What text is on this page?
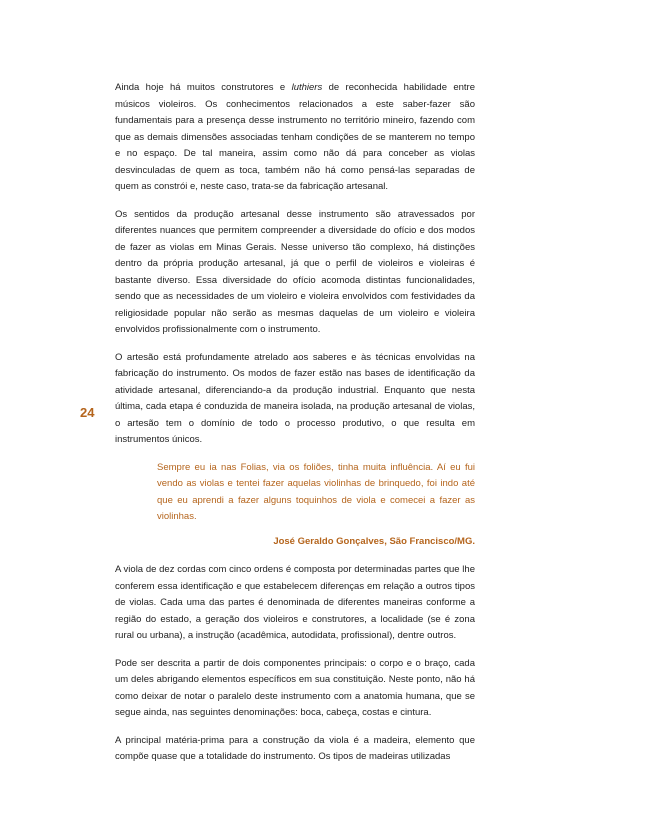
24

Ainda hoje há muitos construtores e luthiers de reconhecida habilidade entre músicos violeiros. Os conhecimentos relacionados a este saber-fazer são fundamentais para a presença desse instrumento no território mineiro, fazendo com que as demais dimensões associadas tenham condições de se manterem no tempo e no espaço. De tal maneira, assim como não dá para conceber as violas desvinculadas de quem as toca, também não há como pensá-las separadas de quem as constrói e, neste caso, trata-se da fabricação artesanal.

Os sentidos da produção artesanal desse instrumento são atravessados por diferentes nuances que permitem compreender a diversidade do ofício e dos modos de fazer as violas em Minas Gerais. Nesse universo tão complexo, há distinções dentro da própria produção artesanal, já que o perfil de violeiros e violeiras é bastante diverso. Essa diversidade do ofício acomoda distintas funcionalidades, sendo que as necessidades de um violeiro e violeira envolvidos com festividades da religiosidade popular não serão as mesmas daquelas de um violeiro e violeira envolvidos profissionalmente com o instrumento.

O artesão está profundamente atrelado aos saberes e às técnicas envolvidas na fabricação do instrumento. Os modos de fazer estão nas bases de identificação da atividade artesanal, diferenciando-a da produção industrial. Enquanto que nesta última, cada etapa é conduzida de maneira isolada, na produção artesanal de violas, o artesão tem o domínio de todo o processo produtivo, o que resulta em instrumentos únicos.

Sempre eu ia nas Folias, via os foliões, tinha muita influência. Aí eu fui vendo as violas e tentei fazer aquelas violinhas de brinquedo, foi indo até que eu aprendi a fazer alguns toquinhos de viola e comecei a fazer as violinhas.

José Geraldo Gonçalves, São Francisco/MG.

A viola de dez cordas com cinco ordens é composta por determinadas partes que lhe conferem essa identificação e que estabelecem diferenças em relação a outros tipos de violas. Cada uma das partes é denominada de diferentes maneiras conforme a região do estado, a geração dos violeiros e construtores, a localidade (se é zona rural ou urbana), a instrução (acadêmica, autodidata, profissional), dentre outros.

Pode ser descrita a partir de dois componentes principais: o corpo e o braço, cada um deles abrigando elementos específicos em sua constituição. Neste ponto, não há como deixar de notar o paralelo deste instrumento com a anatomia humana, que se segue ainda, nas seguintes denominações: boca, cabeça, costas e cintura.

A principal matéria-prima para a construção da viola é a madeira, elemento que compõe quase que a totalidade do instrumento. Os tipos de madeiras utilizadas
